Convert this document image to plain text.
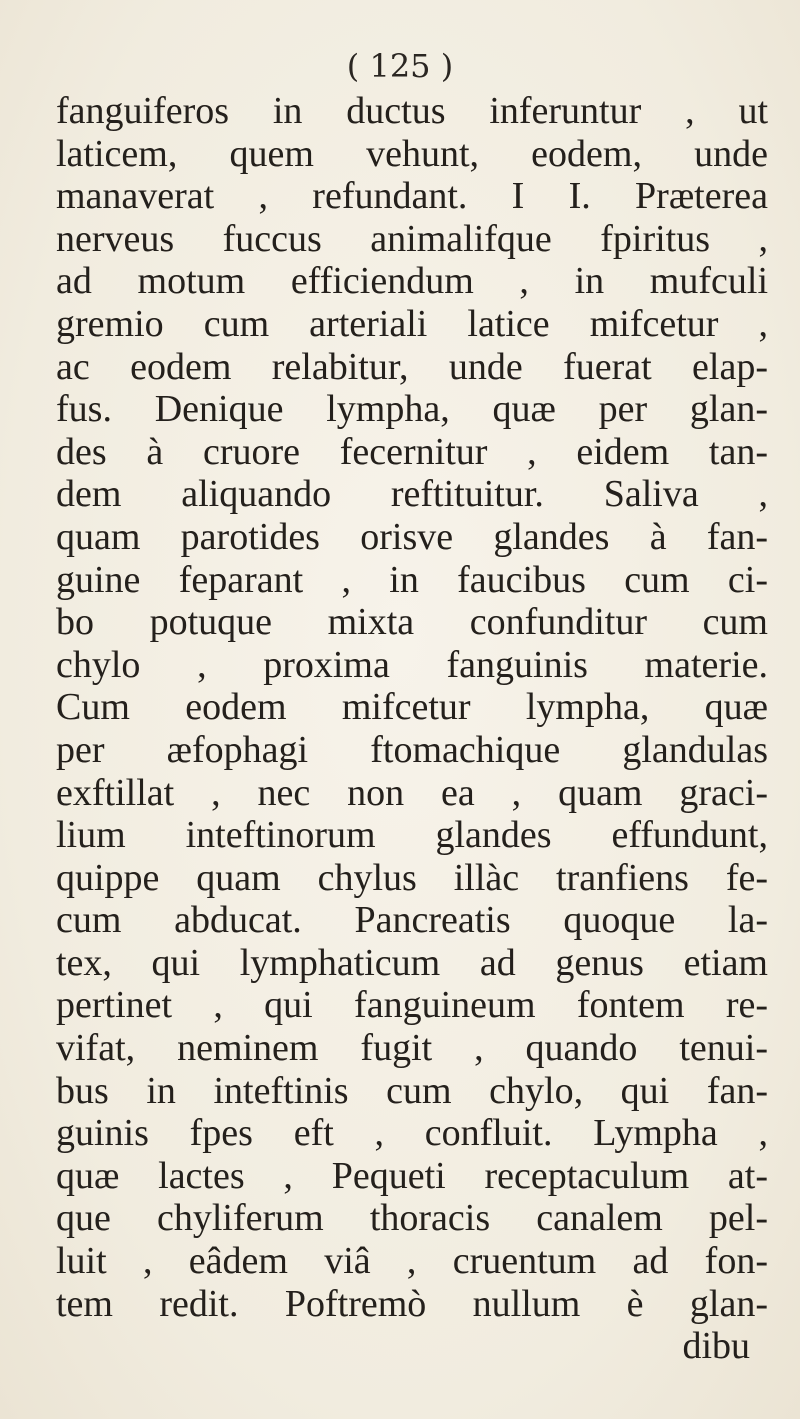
( 125 )
fanguiferos in ductus inferuntur , ut
laticem, quem vehunt, eodem, unde
manaverat , refundant. I I. Præterea
nerveus fuccus animalifque fpiritus ,
ad motum efficiendum , in mufculi
gremio cum arteriali latice mifcetur ,
ac eodem relabitur, unde fuerat elap-
fus. Denique lympha, quæ per glan-
des à cruore fecernitur , eidem tan-
dem aliquando reftituitur. Saliva ,
quam parotides orisve glandes à fan-
guine feparant , in faucibus cum ci-
bo potuque mixta confunditur cum
chylo , proxima fanguinis materie.
Cum eodem mifcetur lympha, quæ
per æfophagi ftomachique glandulas
exftillat , nec non ea , quam graci-
lium inteftinorum glandes effundunt,
quippe quam chylus illàc tranfiens fe-
cum abducat. Pancreatis quoque la-
tex, qui lymphaticum ad genus etiam
pertinet , qui fanguineum fontem re-
vifat, neminem fugit , quando tenui-
bus in inteftinis cum chylo, qui fan-
guinis fpes eft , confluit. Lympha ,
quæ lactes , Pequeti receptaculum at-
que chyliferum thoracis canalem pel-
luit , eâdem viâ , cruentum ad fon-
tem redit. Poftremò nullum è glan-
dibu
